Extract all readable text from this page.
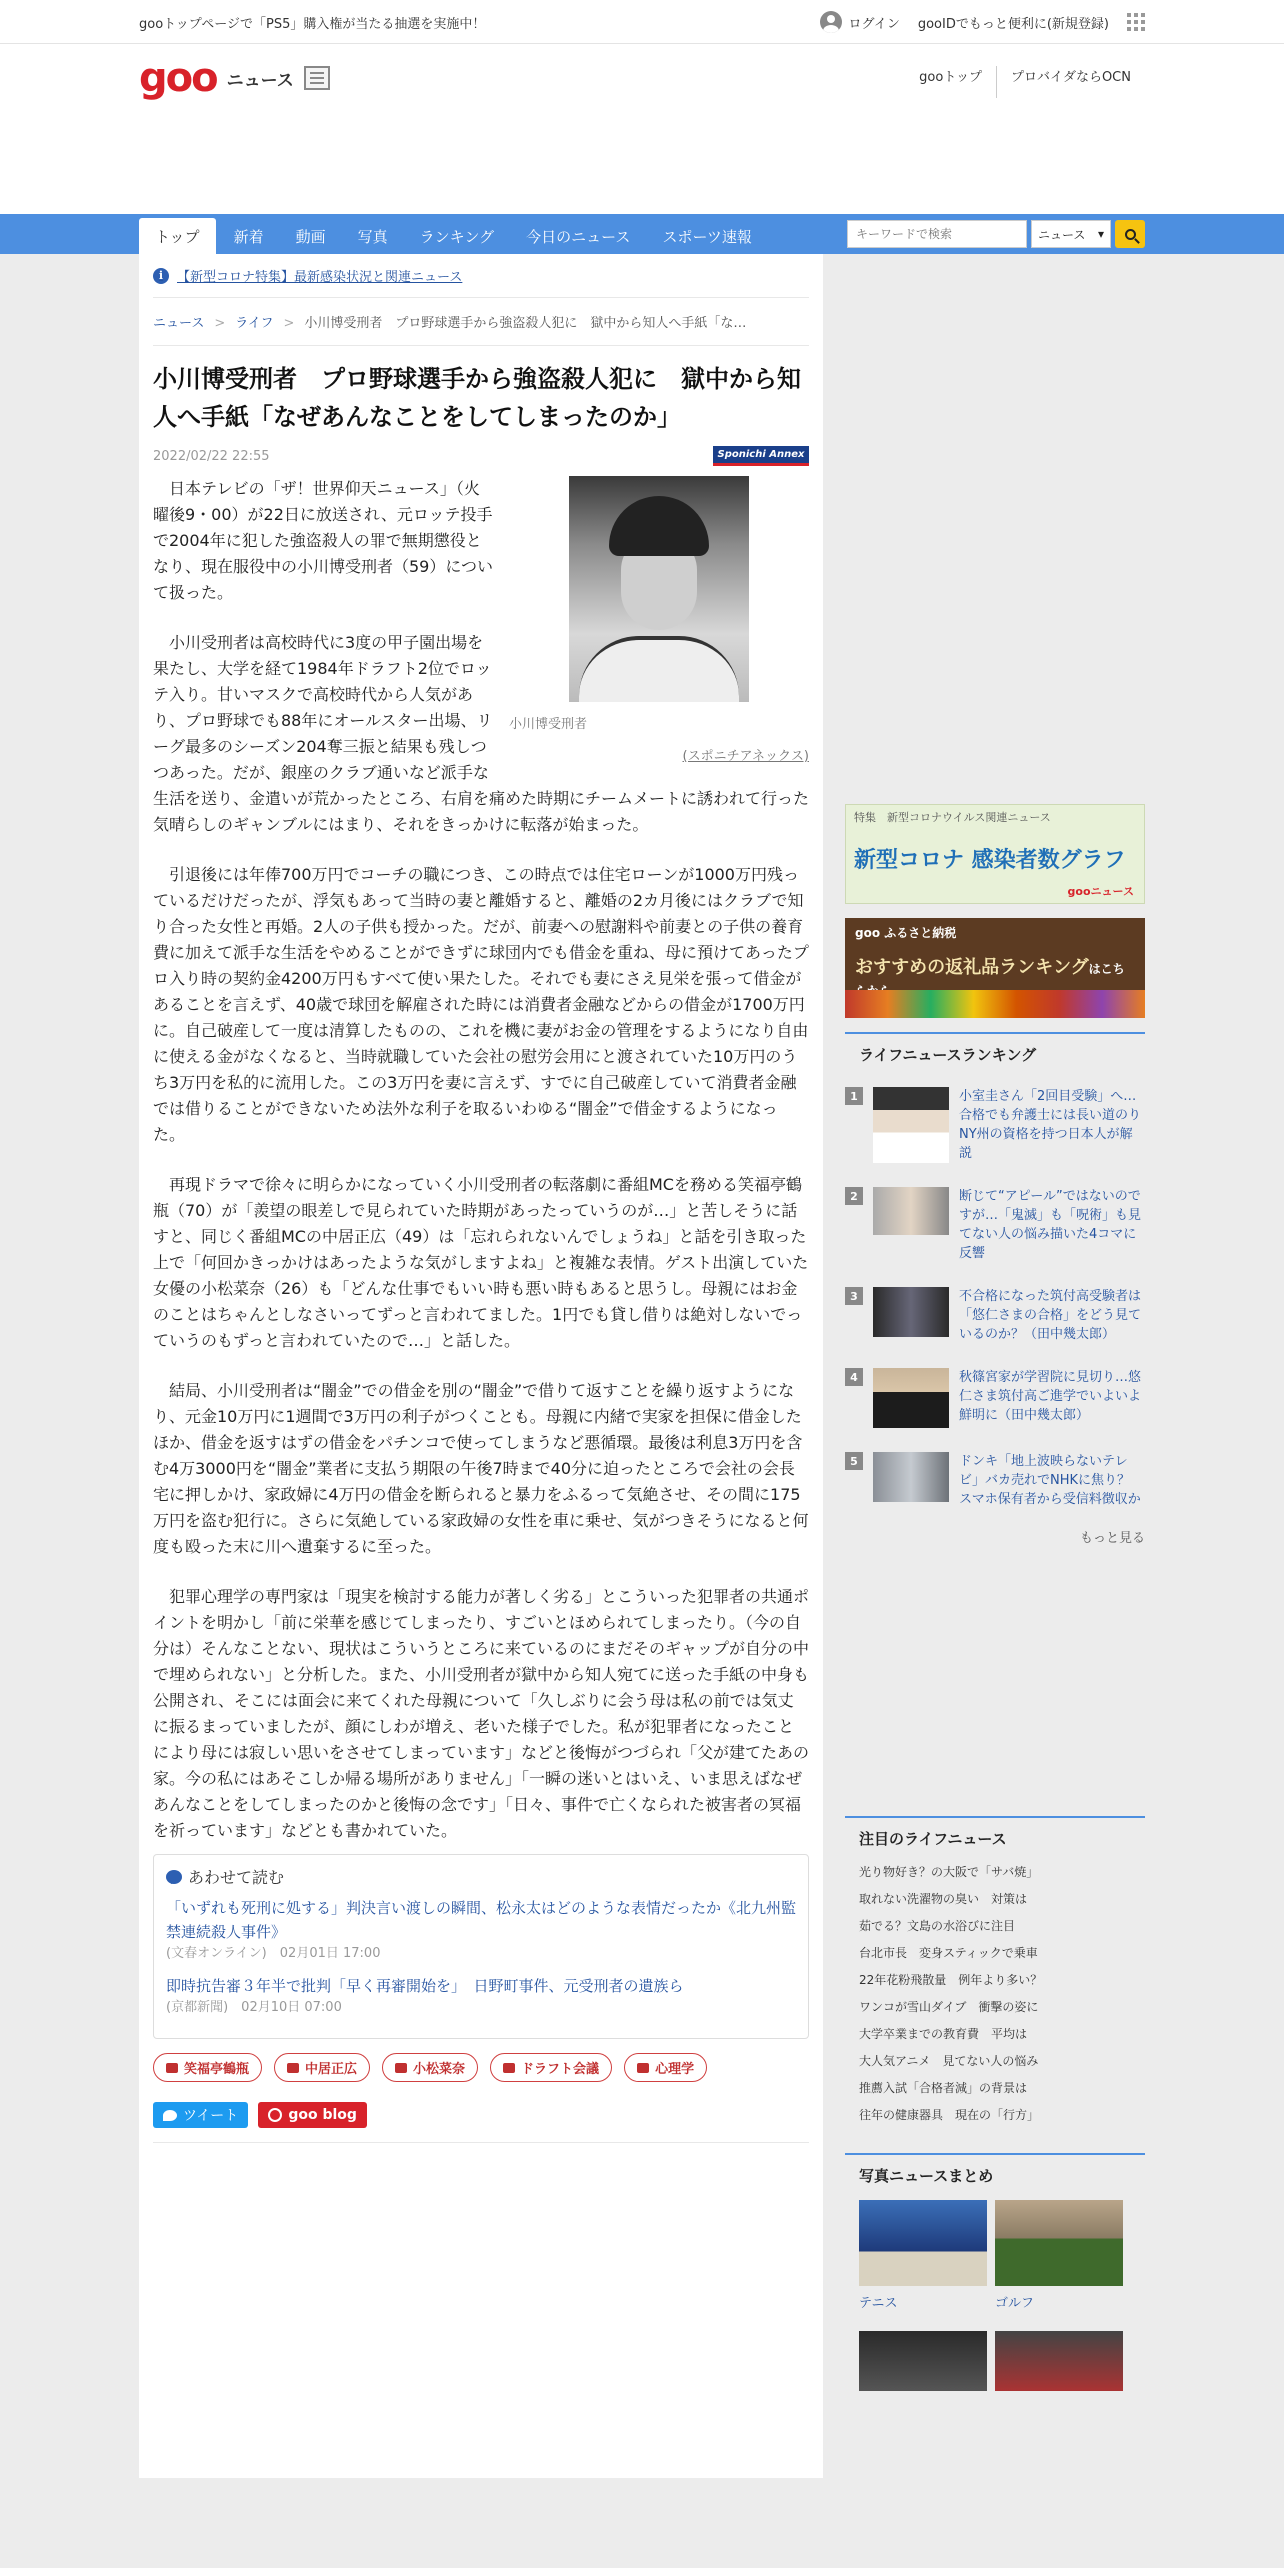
gooトップページで「PS5」購入権が当たる抽選を実施中！	ログイン gooIDでもっと便利に(新規登録)
goo ニュース	gooトップ	プロバイダならOCN
トップ	新着	動画	写真	ランキング	今日のニュース	スポーツ速報
キーワードで検索	ニュース ▾
i	【新型コロナ特集】最新感染状況と関連ニュース
ニュース > ライフ > 小川博受刑者　プロ野球選手から強盗殺人犯に　獄中から知人へ手紙「な…
小川博受刑者　プロ野球選手から強盗殺人犯に　獄中から知人へ手紙「なぜあんなことをしてしまったのか」
2022/02/22 22:55	Sponichi Annex
小川博受刑者
(スポニチアネックス)

日本テレビの「ザ！世界仰天ニュース」（火曜後9・00）が22日に放送され、元ロッテ投手で2004年に犯した強盗殺人の罪で無期懲役となり、現在服役中の小川博受刑者（59）について扱った。

小川受刑者は高校時代に3度の甲子園出場を果たし、大学を経て1984年ドラフト2位でロッテ入り。甘いマスクで高校時代から人気があり、プロ野球でも88年にオールスター出場、リーグ最多のシーズン204奪三振と結果も残しつつあった。だが、銀座のクラブ通いなど派手な生活を送り、金遣いが荒かったところ、右肩を痛めた時期にチームメートに誘われて行った気晴らしのギャンブルにはまり、それをきっかけに転落が始まった。

引退後には年俸700万円でコーチの職につき、この時点では住宅ローンが1000万円残っているだけだったが、浮気もあって当時の妻と離婚すると、離婚の2カ月後にはクラブで知り合った女性と再婚。2人の子供も授かった。だが、前妻への慰謝料や前妻との子供の養育費に加えて派手な生活をやめることができずに球団内でも借金を重ね、母に預けてあったプロ入り時の契約金4200万円もすべて使い果たした。それでも妻にさえ見栄を張って借金があることを言えず、40歳で球団を解雇された時には消費者金融などからの借金が1700万円に。自己破産して一度は清算したものの、これを機に妻がお金の管理をするようになり自由に使える金がなくなると、当時就職していた会社の慰労会用にと渡されていた10万円のうち3万円を私的に流用した。この3万円を妻に言えず、すでに自己破産していて消費者金融では借りることができないため法外な利子を取るいわゆる“闇金”で借金するようになった。

再現ドラマで徐々に明らかになっていく小川受刑者の転落劇に番組MCを務める笑福亭鶴瓶（70）が「羨望の眼差しで見られていた時期があったっていうのが…」と苦しそうに話すと、同じく番組MCの中居正広（49）は「忘れられないんでしょうね」と話を引き取った上で「何回かきっかけはあったような気がしますよね」と複雑な表情。ゲスト出演していた女優の小松菜奈（26）も「どんな仕事でもいい時も悪い時もあると思うし。母親にはお金のことはちゃんとしなさいってずっと言われてました。1円でも貸し借りは絶対しないでっていうのもずっと言われていたので…」と話した。

結局、小川受刑者は“闇金”での借金を別の“闇金”で借りて返すことを繰り返すようになり、元金10万円に1週間で3万円の利子がつくことも。母親に内緒で実家を担保に借金したほか、借金を返すはずの借金をパチンコで使ってしまうなど悪循環。最後は利息3万円を含む4万3000円を“闇金”業者に支払う期限の午後7時まで40分に迫ったところで会社の会長宅に押しかけ、家政婦に4万円の借金を断られると暴力をふるって気絶させ、その間に175万円を盗む犯行に。さらに気絶している家政婦の女性を車に乗せ、気がつきそうになると何度も殴った末に川へ遺棄するに至った。

犯罪心理学の専門家は「現実を検討する能力が著しく劣る」とこういった犯罪者の共通ポイントを明かし「前に栄華を感じてしまったり、すごいとほめられてしまったり。（今の自分は）そんなことない、現状はこういうところに来ているのにまだそのギャップが自分の中で埋められない」と分析した。また、小川受刑者が獄中から知人宛てに送った手紙の中身も公開され、そこには面会に来てくれた母親について「久しぶりに会う母は私の前では気丈に振るまっていましたが、顔にしわが増え、老いた様子でした。私が犯罪者になったことにより母には寂しい思いをさせてしまっています」などと後悔がつづられ「父が建てたあの家。今の私にはあそこしか帰る場所がありません」「一瞬の迷いとはいえ、いま思えばなぜあんなことをしてしまったのかと後悔の念です」「日々、事件で亡くなられた被害者の冥福を祈っています」などとも書かれていた。

あわせて読む
「いずれも死刑に処する」判決言い渡しの瞬間、松永太はどのような表情だったか《北九州監禁連続殺人事件》
(文春オンライン)　 02月01日 17:00
即時抗告審３年半で批判「早く再審開始を」　日野町事件、元受刑者の遺族ら
(京都新聞)　 02月10日 07:00
笑福亭鶴瓶	中居正広	小松菜奈	ドラフト会議	心理学
ツイート	goo blog
特集　新型コロナウイルス関連ニュース
新型コロナ 感染者数グラフ
gooニュース
goo ふるさと納税
おすすめの返礼品ランキングはこち
ライフニュースランキング
1	小室圭さん「2回目受験」へ…合格でも弁護士には長い道のり NY州の資格を持つ日本人が解説
2	断じて“アピール”ではないのですが…「鬼滅」も「呪術」も見てない人の悩み描いた4コマに反響
3	不合格になった筑付高受験者は「悠仁さまの合格」をどう見ているのか？（田中幾太郎）
4	秋篠宮家が学習院に見切り…悠仁さま筑付高ご進学でいよいよ鮮明に（田中幾太郎）
5	ドンキ「地上波映らないテレビ」バカ売れでNHKに焦り？ スマホ保有者から受信料徴収か
もっと見る
注目のライフニュース
光り物好き？の大阪で「サバ焼」
取れない洗濯物の臭い　対策は
茹でる？文島の水浴びに注目
台北市長　変身スティックで乗車
22年花粉飛散量　例年より多い？
ワンコが雪山ダイブ　衝撃の姿に
大学卒業までの教育費　平均は
大人気アニメ　見てない人の悩み
推薦入試「合格者減」の背景は
往年の健康器具　現在の「行方」
写真ニュースまとめ
テニス	ゴルフ
